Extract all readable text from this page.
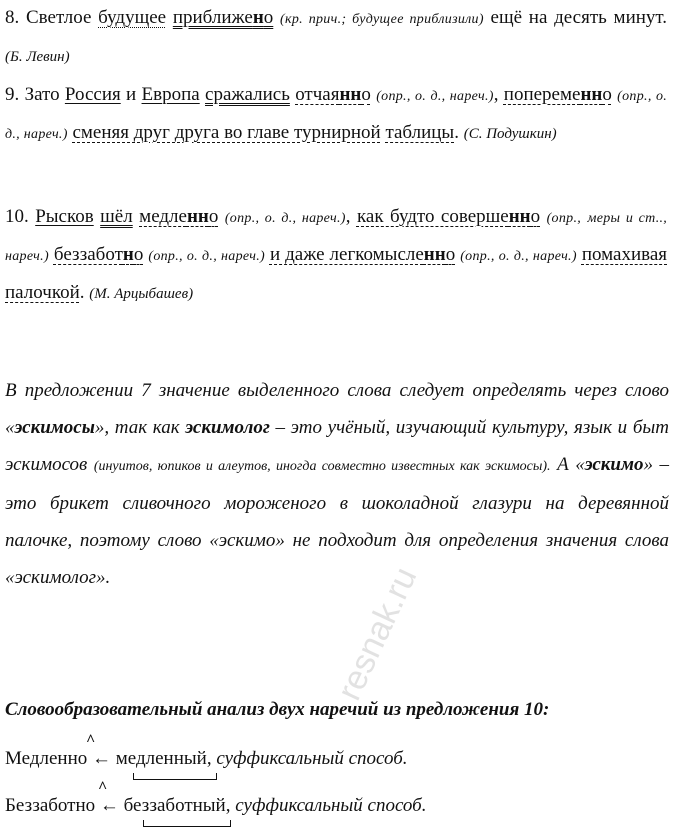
8. Светлое будущее приближено (кр. прич.; будущее приблизили) ещё на десять минут. (Б. Левин)
9. Зато Россия и Европа сражались отчаянно (опр., о. д., нареч.), попеременно (опр., о. д., нареч.) сменяя друг друга во главе турнирной таблицы. (С. Подушкин)
10. Рысков шёл медленно (опр., о. д., нареч.), как будто совершенно (опр., меры и ст.., нареч.) беззаботно (опр., о. д., нареч.) и даже легкомысленно (опр., о. д., нареч.) помахивая палочкой. (М. Арцыбашев)
В предложении 7 значение выделенного слова следует определять через слово «эскимосы», так как эскимолог – это учёный, изучающий культуру, язык и быт эскимосов (инуитов, юпиков и алеутов, иногда совместно известных как эскимосы). А «эскимо» – это брикет сливочного мороженого в шоколадной глазури на деревянной палочке, поэтому слово «эскимо» не подходит для определения значения слова «эскимолог».
Словообразовательный анализ двух наречий из предложения 10:
Медленно ← медленный, суффиксальный способ.
^
Беззаботно ← беззаботный, суффиксальный способ.
^
resnak.ru
